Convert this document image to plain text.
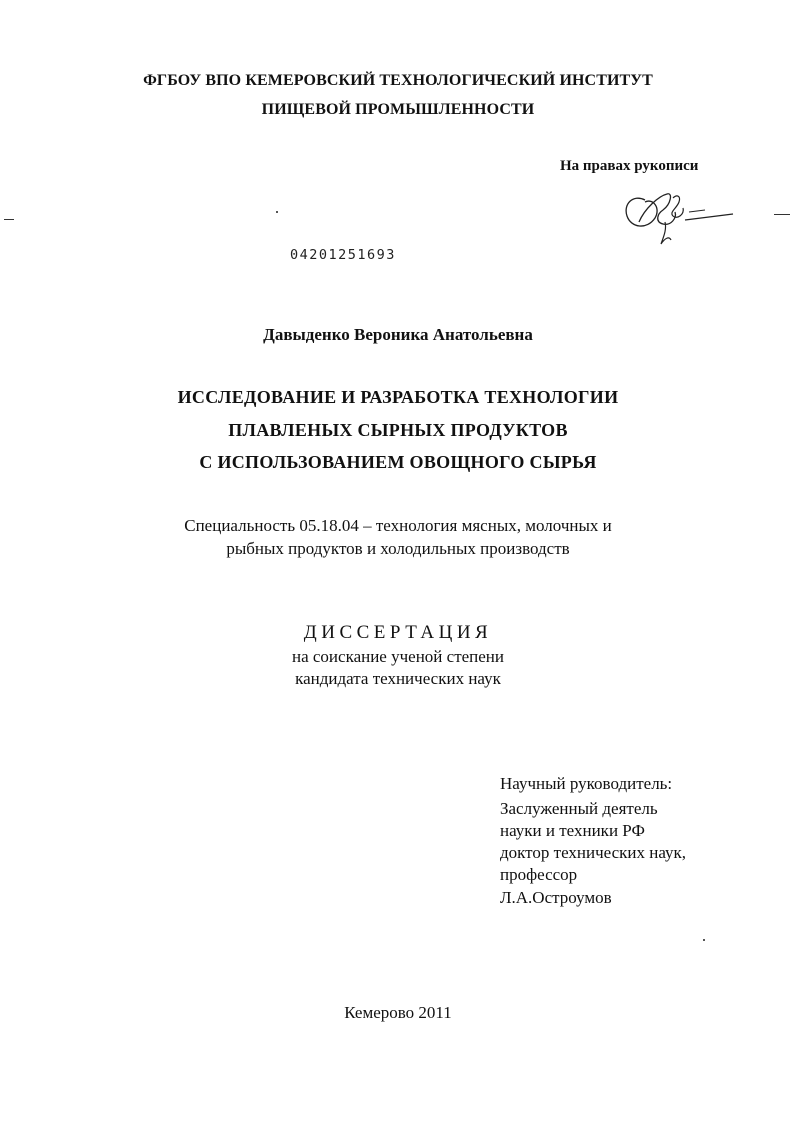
ФГБОУ ВПО КЕМЕРОВСКИЙ ТЕХНОЛОГИЧЕСКИЙ ИНСТИТУТ
ПИЩЕВОЙ ПРОМЫШЛЕННОСТИ
На правах рукописи
04201251693
Давыденко Вероника Анатольевна
ИССЛЕДОВАНИЕ И РАЗРАБОТКА ТЕХНОЛОГИИ
ПЛАВЛЕНЫХ СЫРНЫХ ПРОДУКТОВ
С ИСПОЛЬЗОВАНИЕМ ОВОЩНОГО СЫРЬЯ
Специальность 05.18.04 – технология мясных, молочных и
рыбных продуктов и холодильных производств
ДИССЕРТАЦИЯ
на соискание ученой степени
кандидата технических наук
Научный руководитель:
Заслуженный деятель
науки и техники РФ
доктор технических наук,
профессор
Л.А.Остроумов
Кемерово 2011
